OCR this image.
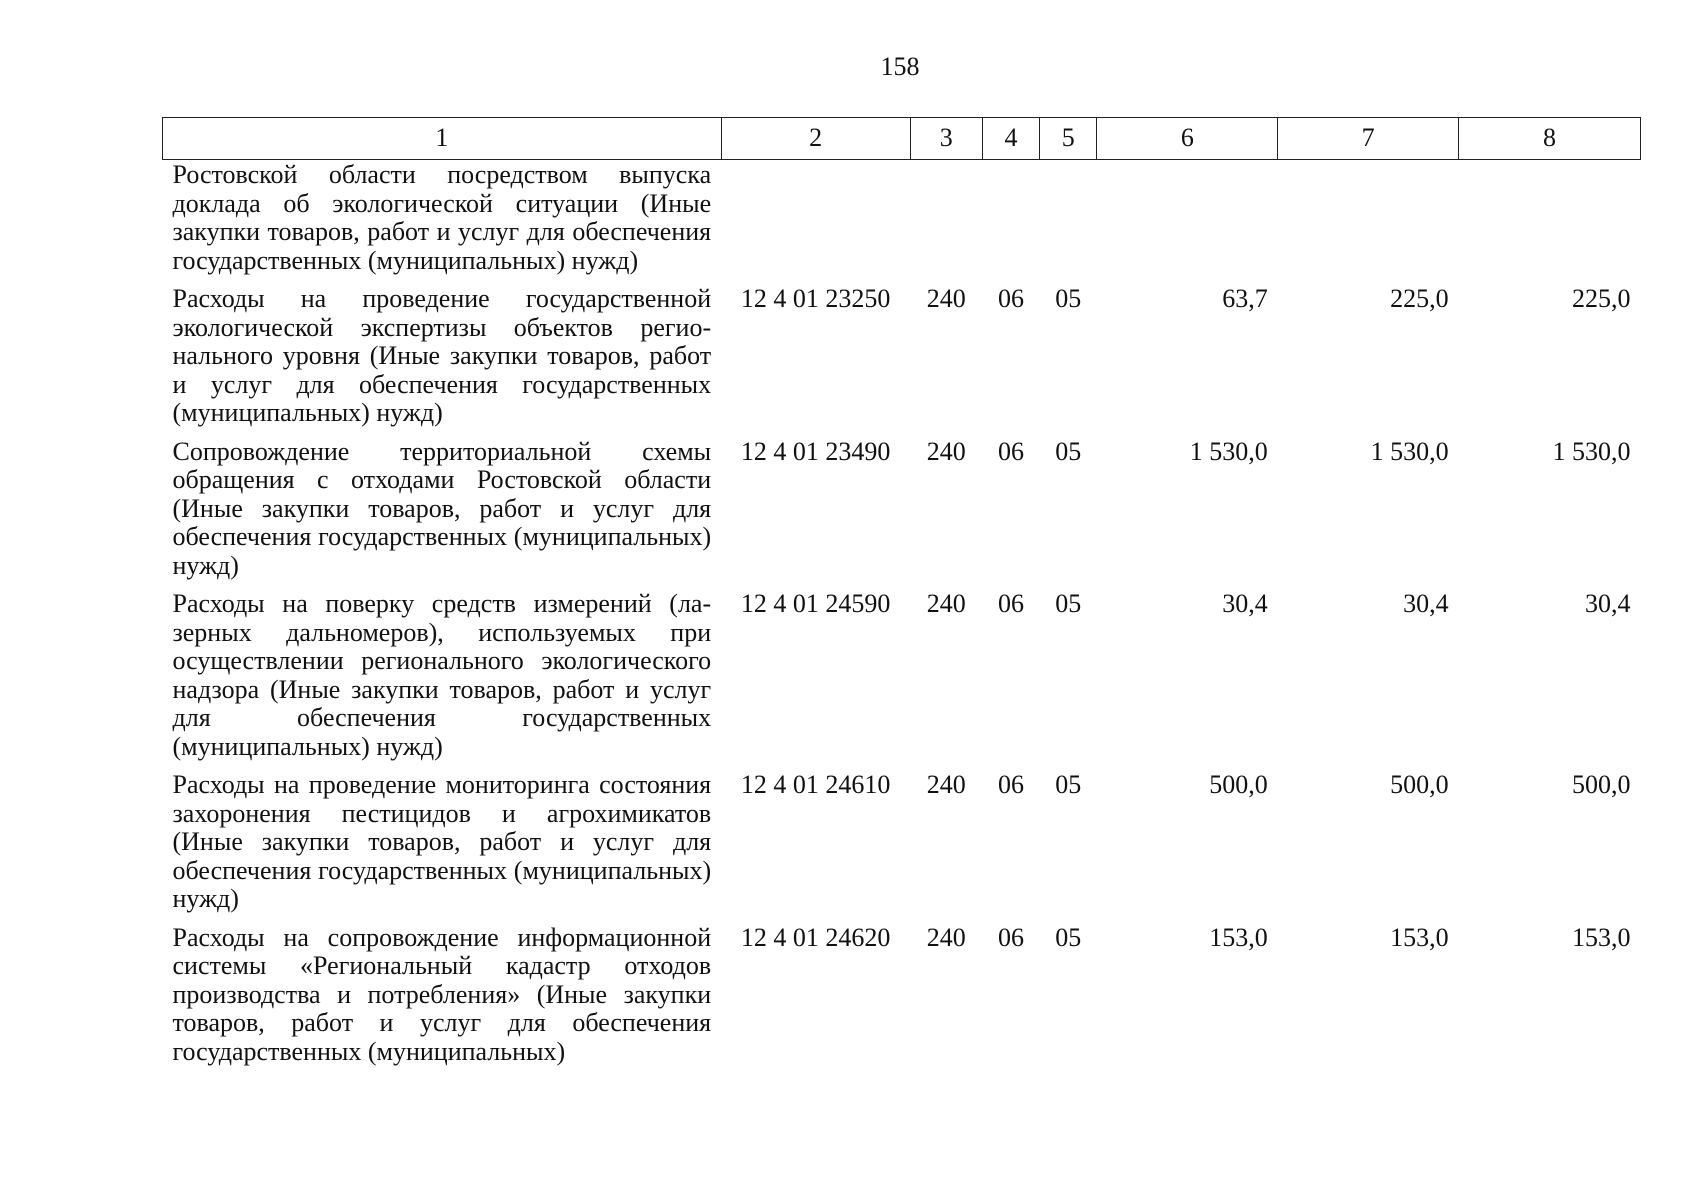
158
1	2	3	4	5	6	7	8
Ростовской области посредством выпуска доклада об экологической ситуации (Иные закупки товаров, работ и услуг для обеспечения государственных (муниципальных) нужд)							
Расходы на проведение государственной экологической экспертизы объектов регионального уровня (Иные закупки товаров, работ и услуг для обеспечения государственных (муниципальных) нужд)	12 4 01 23250	240	06	05	63,7	225,0	225,0
Сопровождение территориальной схемы обращения с отходами Ростовской области (Иные закупки товаров, работ и услуг для обеспечения государственных (муниципальных) нужд)	12 4 01 23490	240	06	05	1 530,0	1 530,0	1 530,0
Расходы на поверку средств измерений (лазерных дальномеров), используемых при осуществлении регионального экологического надзора (Иные закупки товаров, работ и услуг для обеспечения государственных (муниципальных) нужд)	12 4 01 24590	240	06	05	30,4	30,4	30,4
Расходы на проведение мониторинга состояния захоронения пестицидов и агрохимикатов (Иные закупки товаров, работ и услуг для обеспечения государственных (муниципальных) нужд)	12 4 01 24610	240	06	05	500,0	500,0	500,0
Расходы на сопровождение информационной системы «Региональный кадастр отходов производства и потребления» (Иные закупки товаров, работ и услуг для обеспечения государственных (муниципальных)	12 4 01 24620	240	06	05	153,0	153,0	153,0
